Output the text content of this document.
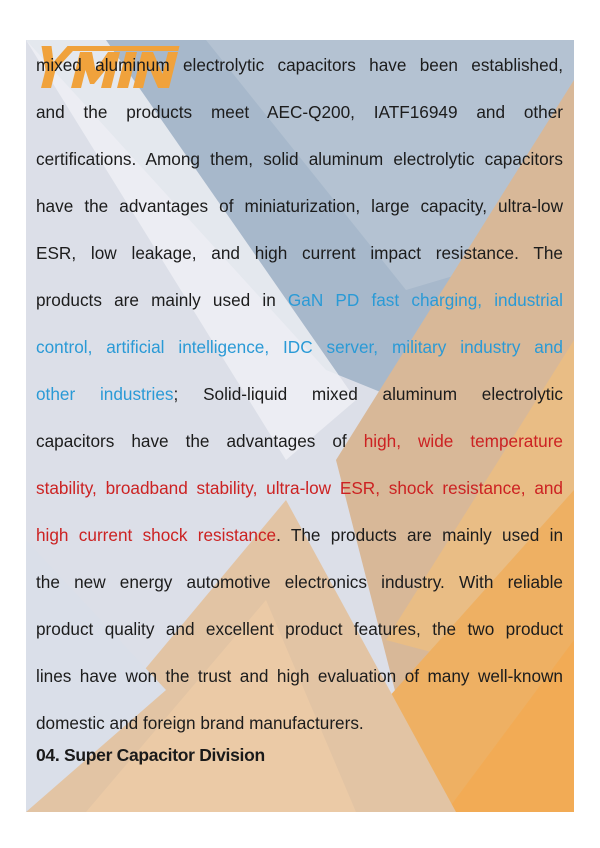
mixed aluminum electrolytic capacitors have been established,
and the products meet AEC-Q200, IATF16949 and other
certifications. Among them, solid aluminum electrolytic capacitors
have the advantages of miniaturization, large capacity, ultra-low
ESR, low leakage, and high current impact resistance. The
products are mainly used in GaN PD fast charging, industrial
control, artificial intelligence, IDC server, military industry and
other industries; Solid-liquid mixed aluminum electrolytic
capacitors have the advantages of high, wide temperature
stability, broadband stability, ultra-low ESR, shock resistance, and
high current shock resistance. The products are mainly used in
the new energy automotive electronics industry. With reliable
product quality and excellent product features, the two product
lines have won the trust and high evaluation of many well-known
domestic and foreign brand manufacturers.
04. Super Capacitor Division
